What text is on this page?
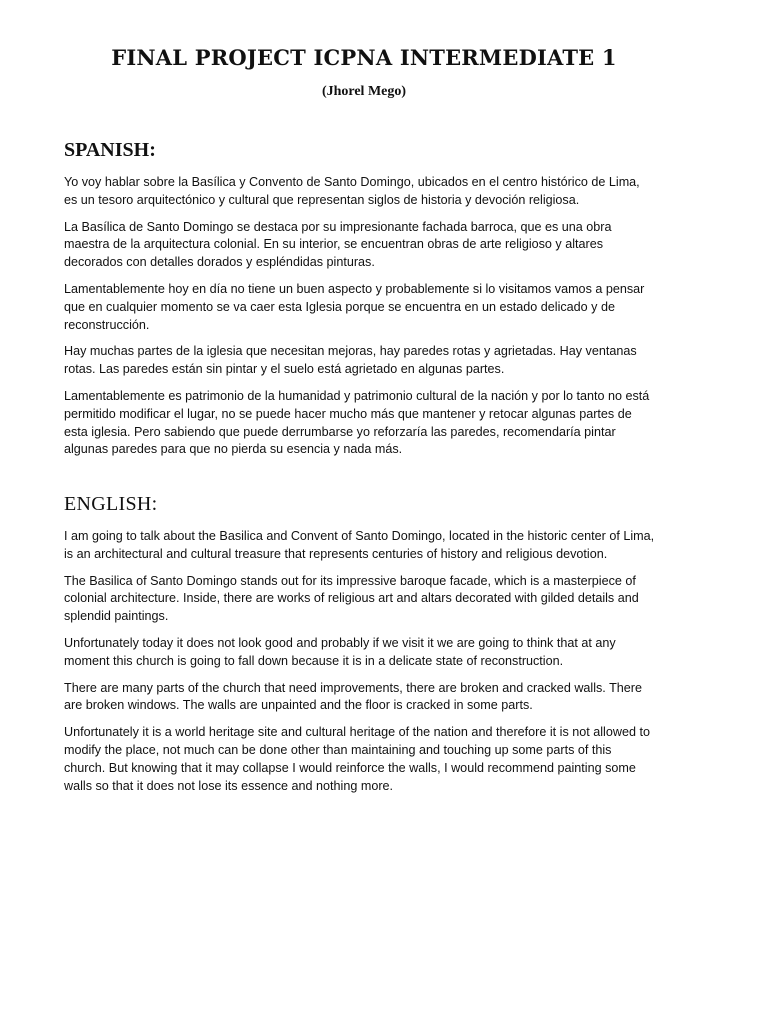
FINAL PROJECT ICPNA INTERMEDIATE 1

(Jhorel Mego)

SPANISH:

Yo voy hablar sobre la Basílica y Convento de Santo Domingo, ubicados en el centro histórico de Lima, es un tesoro arquitectónico y cultural que representan siglos de historia y devoción religiosa.

La Basílica de Santo Domingo se destaca por su impresionante fachada barroca, que es una obra maestra de la arquitectura colonial. En su interior, se encuentran obras de arte religioso y altares decorados con detalles dorados y espléndidas pinturas.

Lamentablemente hoy en día no tiene un buen aspecto y probablemente si lo visitamos vamos a pensar que en cualquier momento se va caer esta Iglesia porque se encuentra en un estado delicado y de reconstrucción.

Hay muchas partes de la iglesia que necesitan mejoras, hay paredes rotas y agrietadas. Hay ventanas rotas. Las paredes están sin pintar y el suelo está agrietado en algunas partes.

Lamentablemente es patrimonio de la humanidad y patrimonio cultural de la nación y por lo tanto no está permitido modificar el lugar, no se puede hacer mucho más que mantener y retocar algunas partes de esta iglesia. Pero sabiendo que puede derrumbarse yo reforzaría las paredes, recomendaría pintar algunas paredes para que no pierda su esencia y nada más.

ENGLISH:

I am going to talk about the Basilica and Convent of Santo Domingo, located in the historic center of Lima, is an architectural and cultural treasure that represents centuries of history and religious devotion.

The Basilica of Santo Domingo stands out for its impressive baroque facade, which is a masterpiece of colonial architecture. Inside, there are works of religious art and altars decorated with gilded details and splendid paintings.

Unfortunately today it does not look good and probably if we visit it we are going to think that at any moment this church is going to fall down because it is in a delicate state of reconstruction.

There are many parts of the church that need improvements, there are broken and cracked walls. There are broken windows. The walls are unpainted and the floor is cracked in some parts.

Unfortunately it is a world heritage site and cultural heritage of the nation and therefore it is not allowed to modify the place, not much can be done other than maintaining and touching up some parts of this church. But knowing that it may collapse I would reinforce the walls, I would recommend painting some walls so that it does not lose its essence and nothing more.
